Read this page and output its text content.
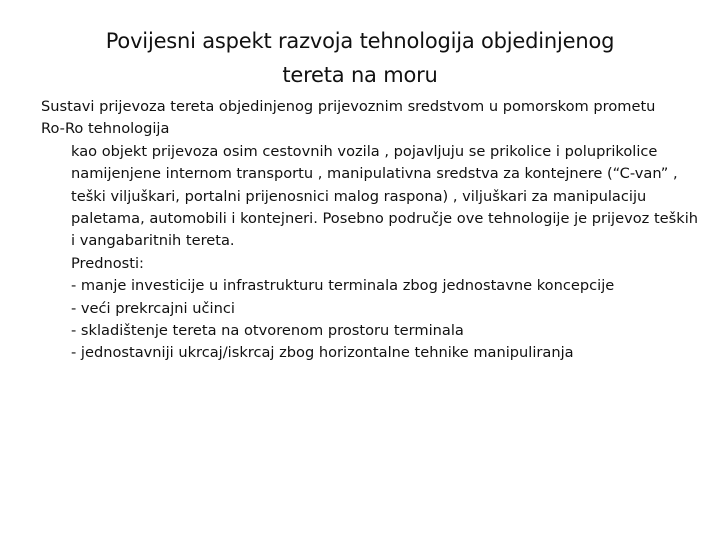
Povijesni aspekt razvoja tehnologija objedinjenog
tereta na moru

Sustavi prijevoza tereta objedinjenog prijevoznim sredstvom u pomorskom prometu

Ro-Ro tehnologija

kao objekt prijevoza osim cestovnih vozila , pojavljuju se prikolice i poluprikolice namijenjene internom transportu , manipulativna sredstva za kontejnere (“C-van” , teški viljuškari, portalni prijenosnici malog raspona) , viljuškari za manipulaciju paletama, automobili i kontejneri. Posebno područje ove tehnologije je prijevoz teških i vangabaritnih tereta.

Prednosti:

- manje investicije u infrastrukturu terminala zbog jednostavne koncepcije
- veći prekrcajni učinci
- skladištenje tereta na otvorenom prostoru terminala
- jednostavniji ukrcaj/iskrcaj zbog horizontalne tehnike manipuliranja
